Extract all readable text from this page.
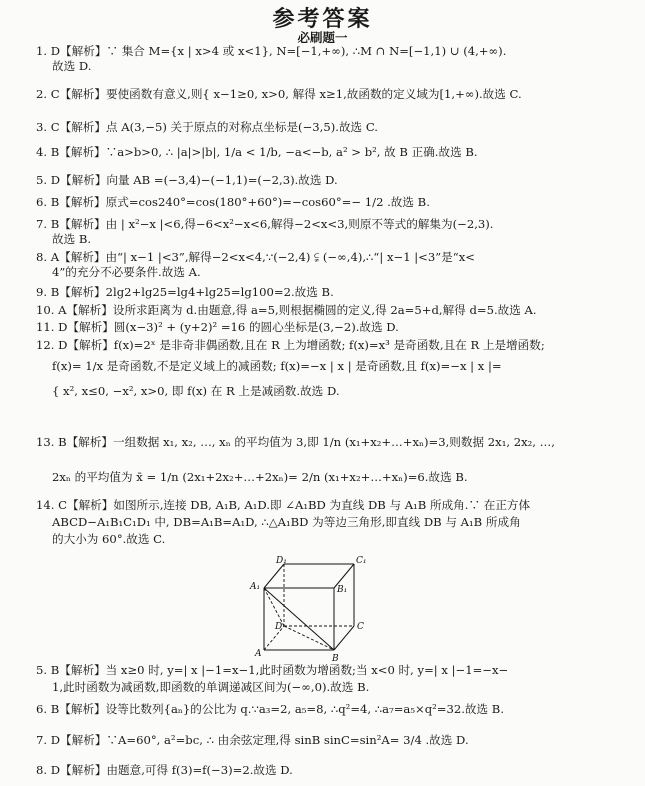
参考答案
必刷题一
1. D【解析】∵ 集合 M={x | x>4 或 x<1}, N=[−1,+∞), ∴M ∩ N=[−1,1) ∪ (4,+∞).
故选 D.
2. C【解析】要使函数有意义,则{ x−1≥0, x>0, 解得 x≥1,故函数的定义域为[1,+∞).故选 C.
3. C【解析】点 A(3,−5) 关于原点的对称点坐标是(−3,5).故选 C.
4. B【解析】∵a>b>0, ∴ |a|>|b|, 1/a < 1/b, −a<−b, a² > b², 故 B 正确.故选 B.
5. D【解析】向量 AB =(−3,4)−(−1,1)=(−2,3).故选 D.
6. B【解析】原式=cos240°=cos(180°+60°)=−cos60°=− 1/2 .故选 B.
7. B【解析】由 | x²−x |<6,得−6<x²−x<6,解得−2<x<3,则原不等式的解集为(−2,3).
故选 B.
8. A【解析】由“| x−1 |<3”,解得−2<x<4,∵(−2,4) ⫋ (−∞,4),∴“| x−1 |<3”是“x<
4”的充分不必要条件.故选 A.
9. B【解析】2lg2+lg25=lg4+lg25=lg100=2.故选 B.
10. A【解析】设所求距离为 d.由题意,得 a=5,则根据椭圆的定义,得 2a=5+d,解得 d=5.故选 A.
11. D【解析】圆(x−3)² + (y+2)² =16 的圆心坐标是(3,−2).故选 D.
12. D【解析】f(x)=2ˣ 是非奇非偶函数,且在 R 上为增函数; f(x)=x³ 是奇函数,且在 R 上是增函数;
f(x)= 1/x 是奇函数,不是定义域上的减函数; f(x)=−x | x | 是奇函数,且 f(x)=−x | x |=
{ x², x≤0, −x², x>0, 即 f(x) 在 R 上是减函数.故选 D.
13. B【解析】一组数据 x₁, x₂, …, xₙ 的平均值为 3,即 1/n (x₁+x₂+…+xₙ)=3,则数据 2x₁, 2x₂, …,
2xₙ 的平均值为 x̄ = 1/n (2x₁+2x₂+…+2xₙ)= 2/n (x₁+x₂+…+xₙ)=6.故选 B.
14. C【解析】如图所示,连接 DB, A₁B, A₁D.即 ∠A₁BD 为直线 DB 与 A₁B 所成角.∵ 在正方体
ABCD−A₁B₁C₁D₁ 中, DB=A₁B=A₁D, ∴△A₁BD 为等边三角形,即直线 DB 与 A₁B 所成角
的大小为 60°.故选 C.
5. B【解析】当 x≥0 时, y=| x |−1=x−1,此时函数为增函数;当 x<0 时, y=| x |−1=−x−
1,此时函数为减函数,即函数的单调递减区间为(−∞,0).故选 B.
6. B【解析】设等比数列{aₙ}的公比为 q.∵a₃=2, a₅=8, ∴q²=4, ∴a₇=a₅×q²=32.故选 B.
7. D【解析】∵A=60°, a²=bc, ∴ 由余弦定理,得 sinB sinC=sin²A= 3/4 .故选 D.
8. D【解析】由题意,可得 f(3)=f(−3)=2.故选 D.
D₁	C₁
A₁	B₁
D	C
A	B
